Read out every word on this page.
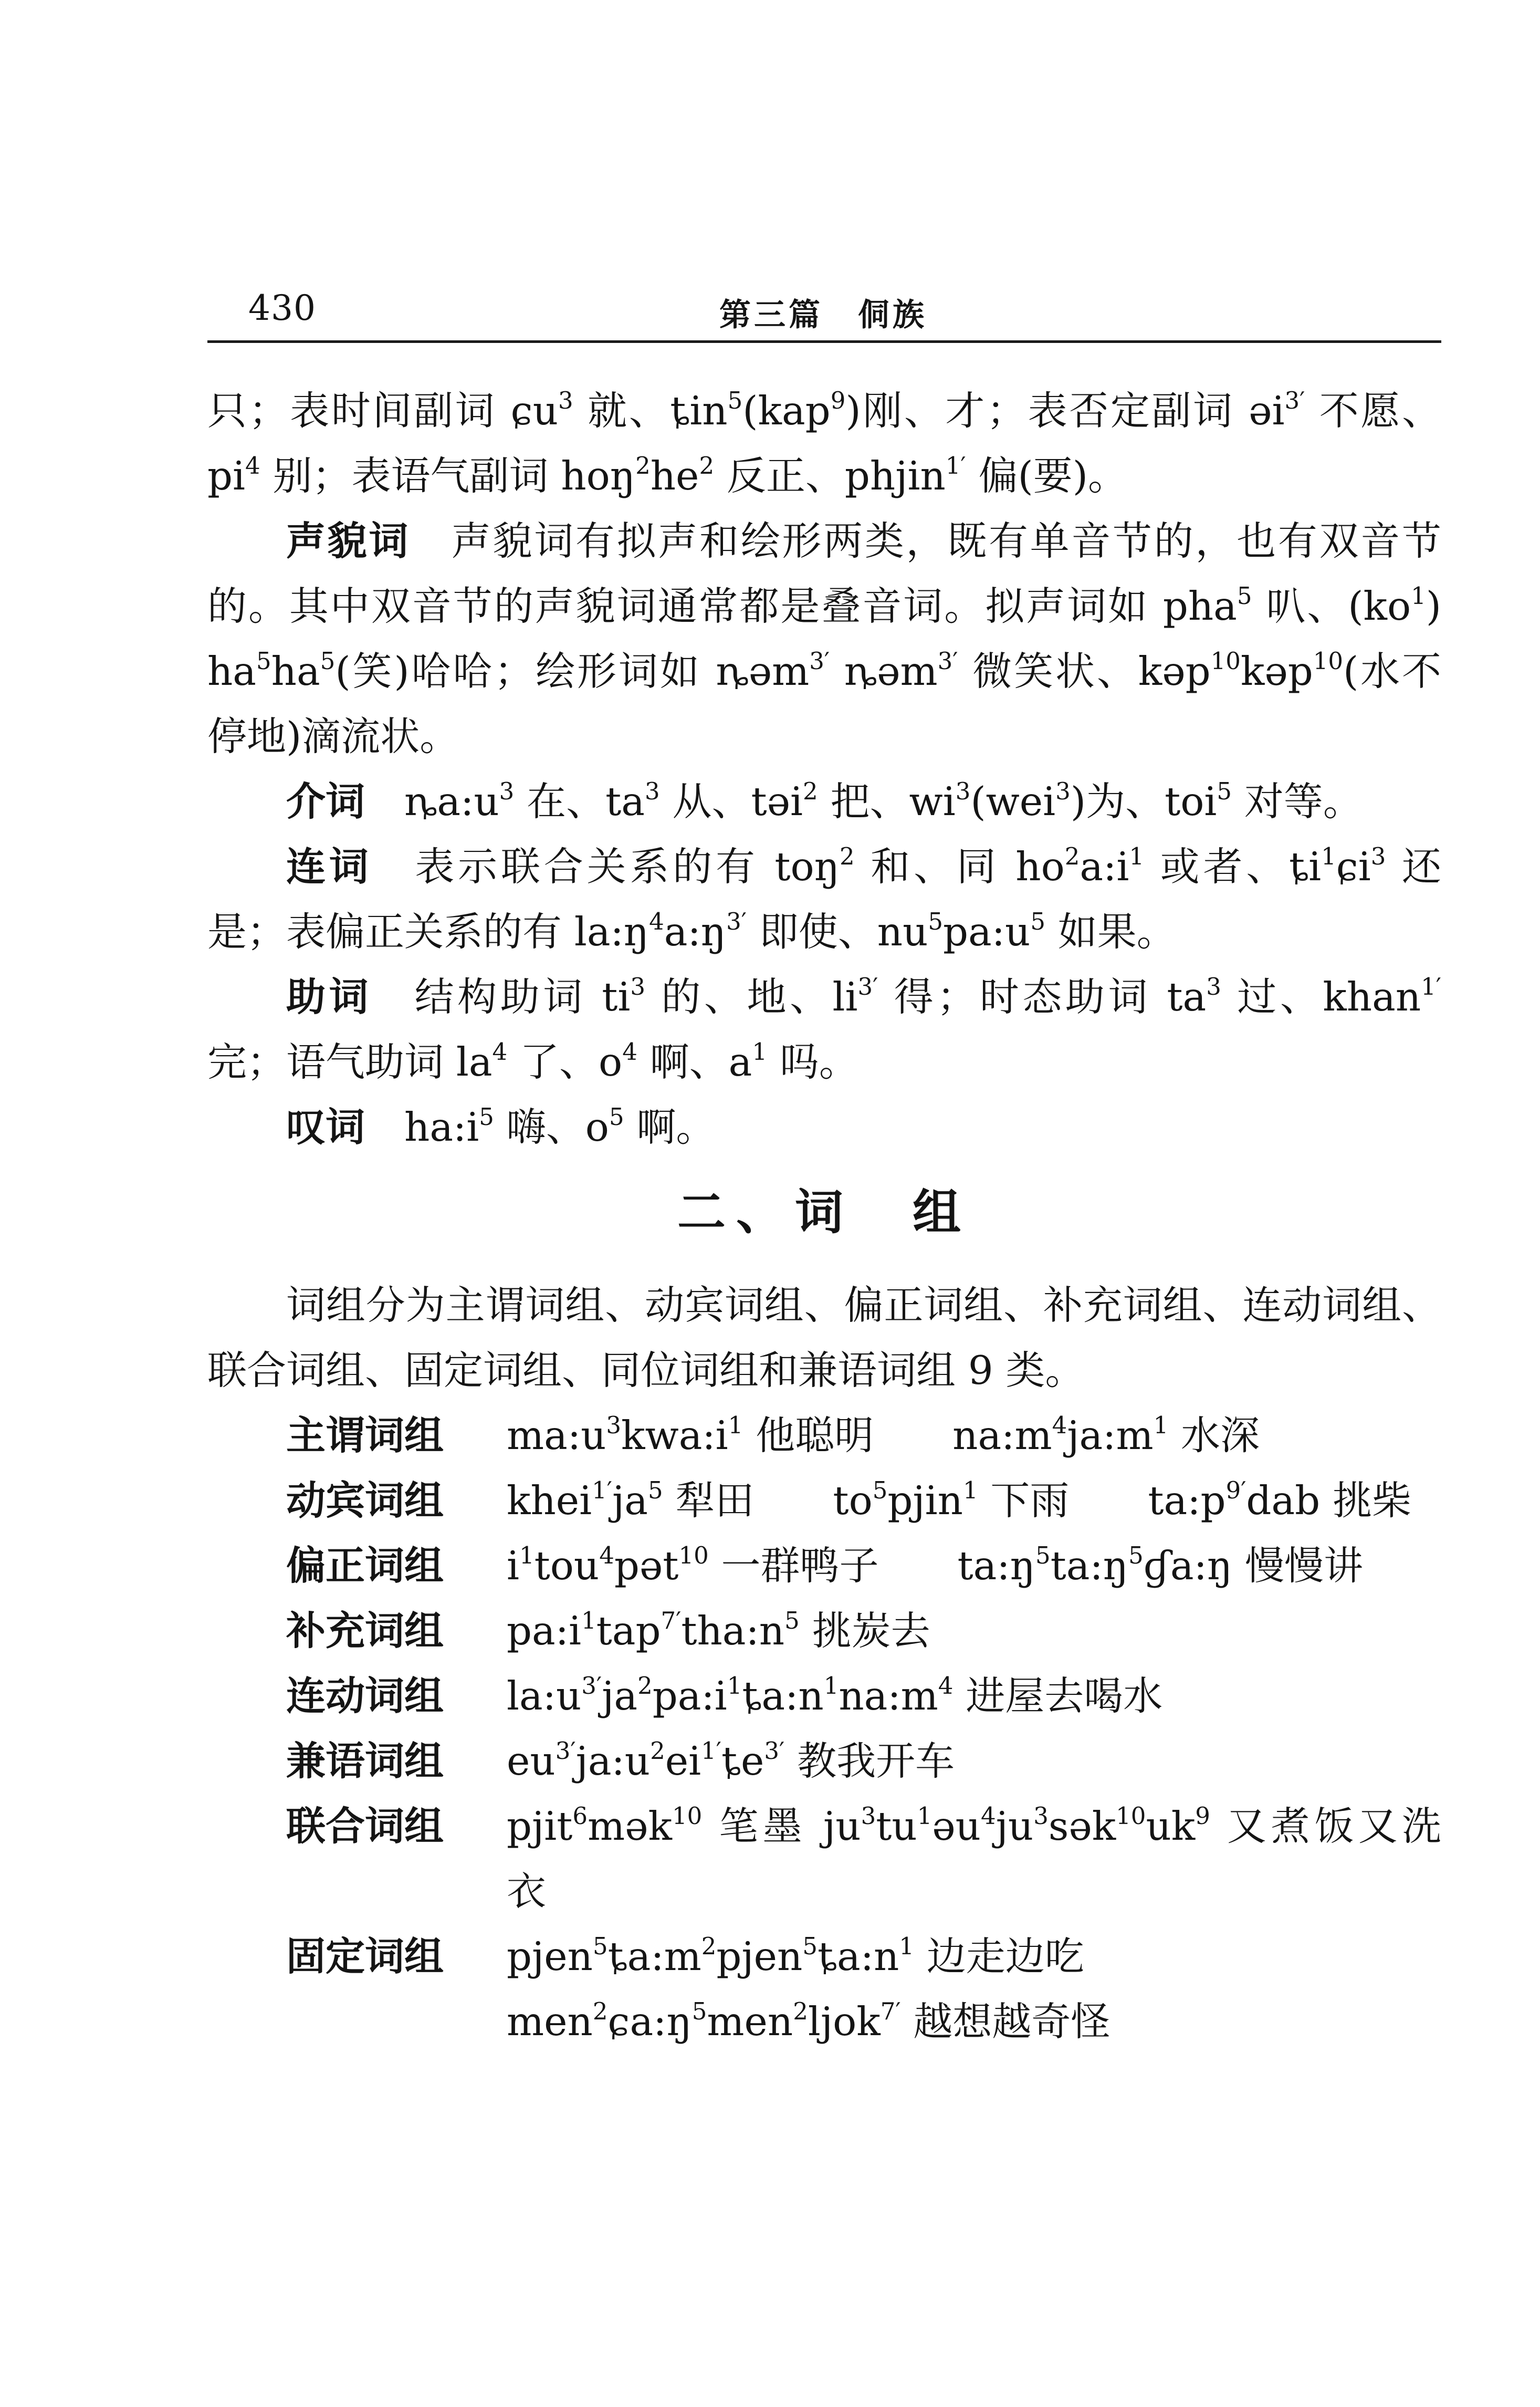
430	第三篇　侗族

只；表时间副词 ɕu$^3$ 就、ȶin$^5$(kap$^9$)刚、才；表否定副词 əi$^{3'}$ 不愿、$pi^4$ 别；表语气副词 $hoŋ^2he^2$ 反正、phjin$^{1'}$ 偏(要)。

声貌词 声貌词有拟声和绘形两类，既有单音节的，也有双音节的。其中双音节的声貌词通常都是叠音词。拟声词如 pha$^5$ 叭、$(ko^1)$ $ha^5ha^5$(笑)哈哈；绘形词如 ȵəm$^{3'}$ ȵəm$^{3'}$ 微笑状、kəp$^{10}$kəp$^{10}$(水不停地)滴流状。

介词 $ȵa:u^3$ 在、$ta^3$ 从、təi$^2$ 把、$wi^3(wei^3)$为、toi$^5$ 对等。

连词 表示联合关系的有 toŋ$^2$ 和、同 $ho^2a:i^1$ 或者、$ȶi^1ɕi^3$ 还是；表偏正关系的有 $la:ŋ^4a:ŋ^{3'}$ 即使、$nu^5pa:u^5$ 如果。

助词 结构助词 $ti^3$ 的、地、$li^{3'}$ 得；时态助词 $ta^3$ 过、khan$^{1'}$ 完；语气助词 $la^4$ 了、$o^4$ 啊、$a^1$ 吗。

叹词 $ha:i^5$ 嗨、$o^5$ 啊。

二、词　组

词组分为主谓词组、动宾词组、偏正词组、补充词组、连动词组、联合词组、固定词组、同位词组和兼语词组 9 类。

主谓词组	$ma:u^3kwa:i^1$ 他聪明　　$na:m^4ja:m^1$ 水深
动宾词组	$khei^{1'}ja^5$ 犁田　　$to^5pjin^1$ 下雨　　$ta:p^{9'}dab$ 挑柴
偏正词组	$i^1tou^4pət^{10}$ 一群鸭子　　$ta:ŋ^5ta:ŋ^5ɠa:ŋ$ 慢慢讲
补充词组	$pa:i^1tap^{7'}tha:n^5$ 挑炭去
连动词组	$la:u^{3'}ja^2pa:i^1ȶa:n^1na:m^4$ 进屋去喝水
兼语词组	$eu^{3'}ja:u^2ei^{1'}ȶe^{3'}$ 教我开车
联合词组	pjit$^6$mək$^{10}$ 笔墨 $ju^3tu^1əu^4ju^3sək^{10}uk^9$ 又煮饭又洗衣
固定词组	$pjen^5ȶa:m^2pjen^5ȶa:n^1$ 边走边吃
$men^2ɕa:ŋ^5men^2ljok^{7'}$ 越想越奇怪
